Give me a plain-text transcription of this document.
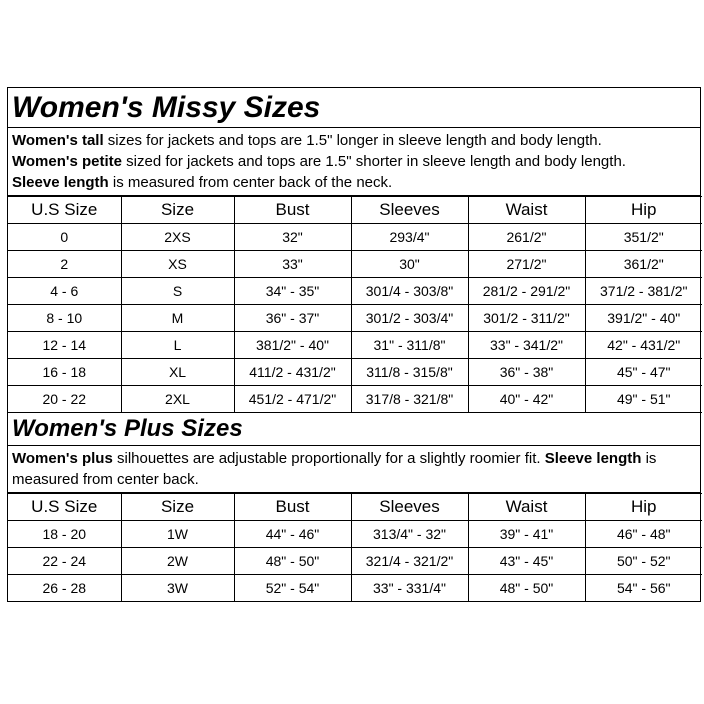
Women's Missy Sizes
Women's tall sizes for jackets and tops are 1.5" longer in sleeve length and body length.
Women's petite sized for jackets and tops are 1.5" shorter in sleeve length and body length.
Sleeve length is measured from center back of the neck.
U.S Size	Size	Bust	Sleeves	Waist	Hip
0	2XS	32"	293/4"	261/2"	351/2"
2	XS	33"	30"	271/2"	361/2"
4 - 6	S	34" - 35"	301/4 - 303/8"	281/2 - 291/2"	371/2 - 381/2"
8 - 10	M	36" - 37"	301/2 - 303/4"	301/2 - 311/2"	391/2" - 40"
12 - 14	L	381/2" - 40"	31" - 311/8"	33" - 341/2"	42" - 431/2"
16 - 18	XL	411/2 - 431/2"	311/8 - 315/8"	36" - 38"	45" - 47"
20 - 22	2XL	451/2 - 471/2"	317/8 - 321/8"	40" - 42"	49" - 51"
Women's Plus Sizes
Women's plus silhouettes are adjustable proportionally for a slightly roomier fit. Sleeve length is measured from center back.
U.S Size	Size	Bust	Sleeves	Waist	Hip
18 - 20	1W	44" - 46"	313/4" - 32"	39" - 41"	46" - 48"
22 - 24	2W	48" - 50"	321/4 - 321/2"	43" - 45"	50" - 52"
26 - 28	3W	52" - 54"	33" - 331/4"	48" - 50"	54" - 56"
